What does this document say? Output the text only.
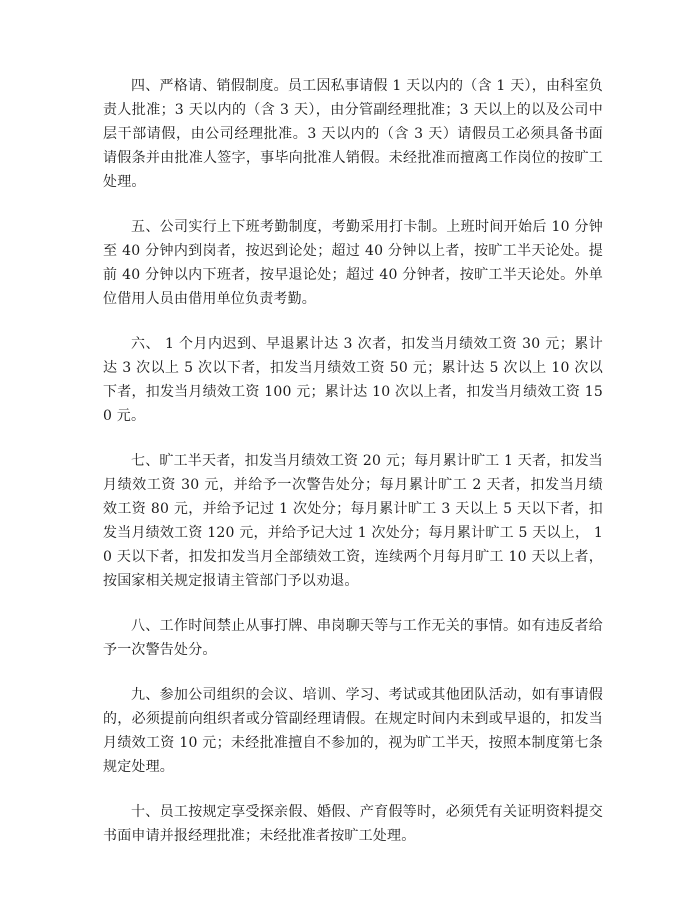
四、严格请、销假制度。员工因私事请假 1 天以内的（含 1 天），由科室负责人批准；3 天以内的（含 3 天），由分管副经理批准；3 天以上的以及公司中层干部请假，由公司经理批准。3 天以内的（含 3 天）请假员工必须具备书面请假条并由批准人签字，事毕向批准人销假。未经批准而擅离工作岗位的按旷工处理。

五、公司实行上下班考勤制度，考勤采用打卡制。上班时间开始后 10 分钟至 40 分钟内到岗者，按迟到论处；超过 40 分钟以上者，按旷工半天论处。提前 40 分钟以内下班者，按早退论处；超过 40 分钟者，按旷工半天论处。外单位借用人员由借用单位负责考勤。

六、 1 个月内迟到、早退累计达 3 次者，扣发当月绩效工资 30 元；累计达 3 次以上 5 次以下者，扣发当月绩效工资 50 元；累计达 5 次以上 10 次以下者，扣发当月绩效工资 100 元；累计达 10 次以上者，扣发当月绩效工资 150 元。

七、旷工半天者，扣发当月绩效工资 20 元；每月累计旷工 1 天者，扣发当月绩效工资 30 元，并给予一次警告处分；每月累计旷工 2 天者，扣发当月绩效工资 80 元，并给予记过 1 次处分；每月累计旷工 3 天以上 5 天以下者，扣发当月绩效工资 120 元，并给予记大过 1 次处分；每月累计旷工 5 天以上， 10 天以下者，扣发扣发当月全部绩效工资，连续两个月每月旷工 10 天以上者，按国家相关规定报请主管部门予以劝退。

八、工作时间禁止从事打牌、串岗聊天等与工作无关的事情。如有违反者给予一次警告处分。

九、参加公司组织的会议、培训、学习、考试或其他团队活动，如有事请假的，必须提前向组织者或分管副经理请假。在规定时间内未到或早退的，扣发当月绩效工资 10 元；未经批准擅自不参加的，视为旷工半天，按照本制度第七条规定处理。

十、员工按规定享受探亲假、婚假、产育假等时，必须凭有关证明资料提交书面申请并报经理批准；未经批准者按旷工处理。
